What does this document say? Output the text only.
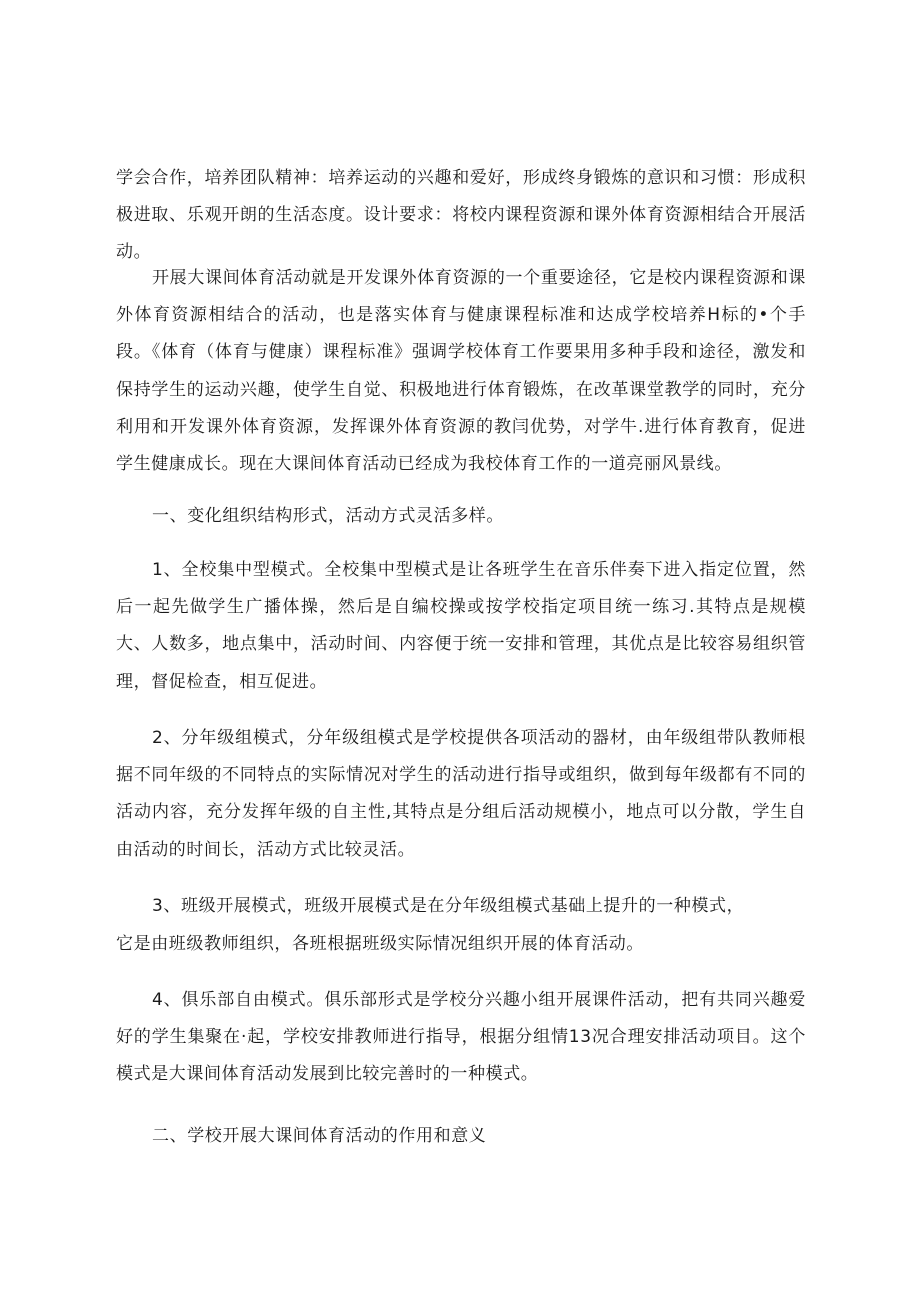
学会合作，培养团队精神：培养运动的兴趣和爱好，形成终身锻炼的意识和习惯：形成积极进取、乐观开朗的生活态度。设计要求：将校内课程资源和课外体育资源相结合开展活动。

开展大课间体育活动就是开发课外体育资源的一个重要途径，它是校内课程资源和课外体育资源相结合的活动，也是落实体育与健康课程标准和达成学校培养H标的•个手段。《体育（体育与健康）课程标准》强调学校体育工作要果用多种手段和途径，激发和保持学生的运动兴趣，使学生自觉、积极地进行体育锻炼，在改革课堂教学的同时，充分利用和开发课外体育资源，发挥课外体育资源的教闫优势，对学牛.进行体育教育，促进学生健康成长。现在大课间体育活动已经成为我校体育工作的一道亮丽风景线。

一、变化组织结构形式，活动方式灵活多样。

1、全校集中型模式。全校集中型模式是让各班学生在音乐伴奏下进入指定位置，然后一起先做学生广播体操，然后是自编校操或按学校指定项目统一练习.其特点是规模大、人数多，地点集中，活动时间、内容便于统一安排和管理，其优点是比较容易组织管理，督促检查，相互促进。

2、分年级组模式，分年级组模式是学校提供各项活动的器材，由年级组带队教师根据不同年级的不同特点的实际情况对学生的活动进行指导或组织，做到每年级都有不同的活动内容，充分发挥年级的自主性,其特点是分组后活动规模小，地点可以分散，学生自由活动的时间长，活动方式比较灵活。

3、班级开展模式，班级开展模式是在分年级组模式基础上提升的一种模式，

它是由班级教师组织，各班根据班级实际情况组织开展的体育活动。

4、俱乐部自由模式。俱乐部形式是学校分兴趣小组开展课件活动，把有共同兴趣爱好的学生集聚在·起，学校安排教师进行指导，根据分组情13况合理安排活动项目。这个模式是大课间体育活动发展到比较完善时的一种模式。

二、学校开展大课间体育活动的作用和意义
